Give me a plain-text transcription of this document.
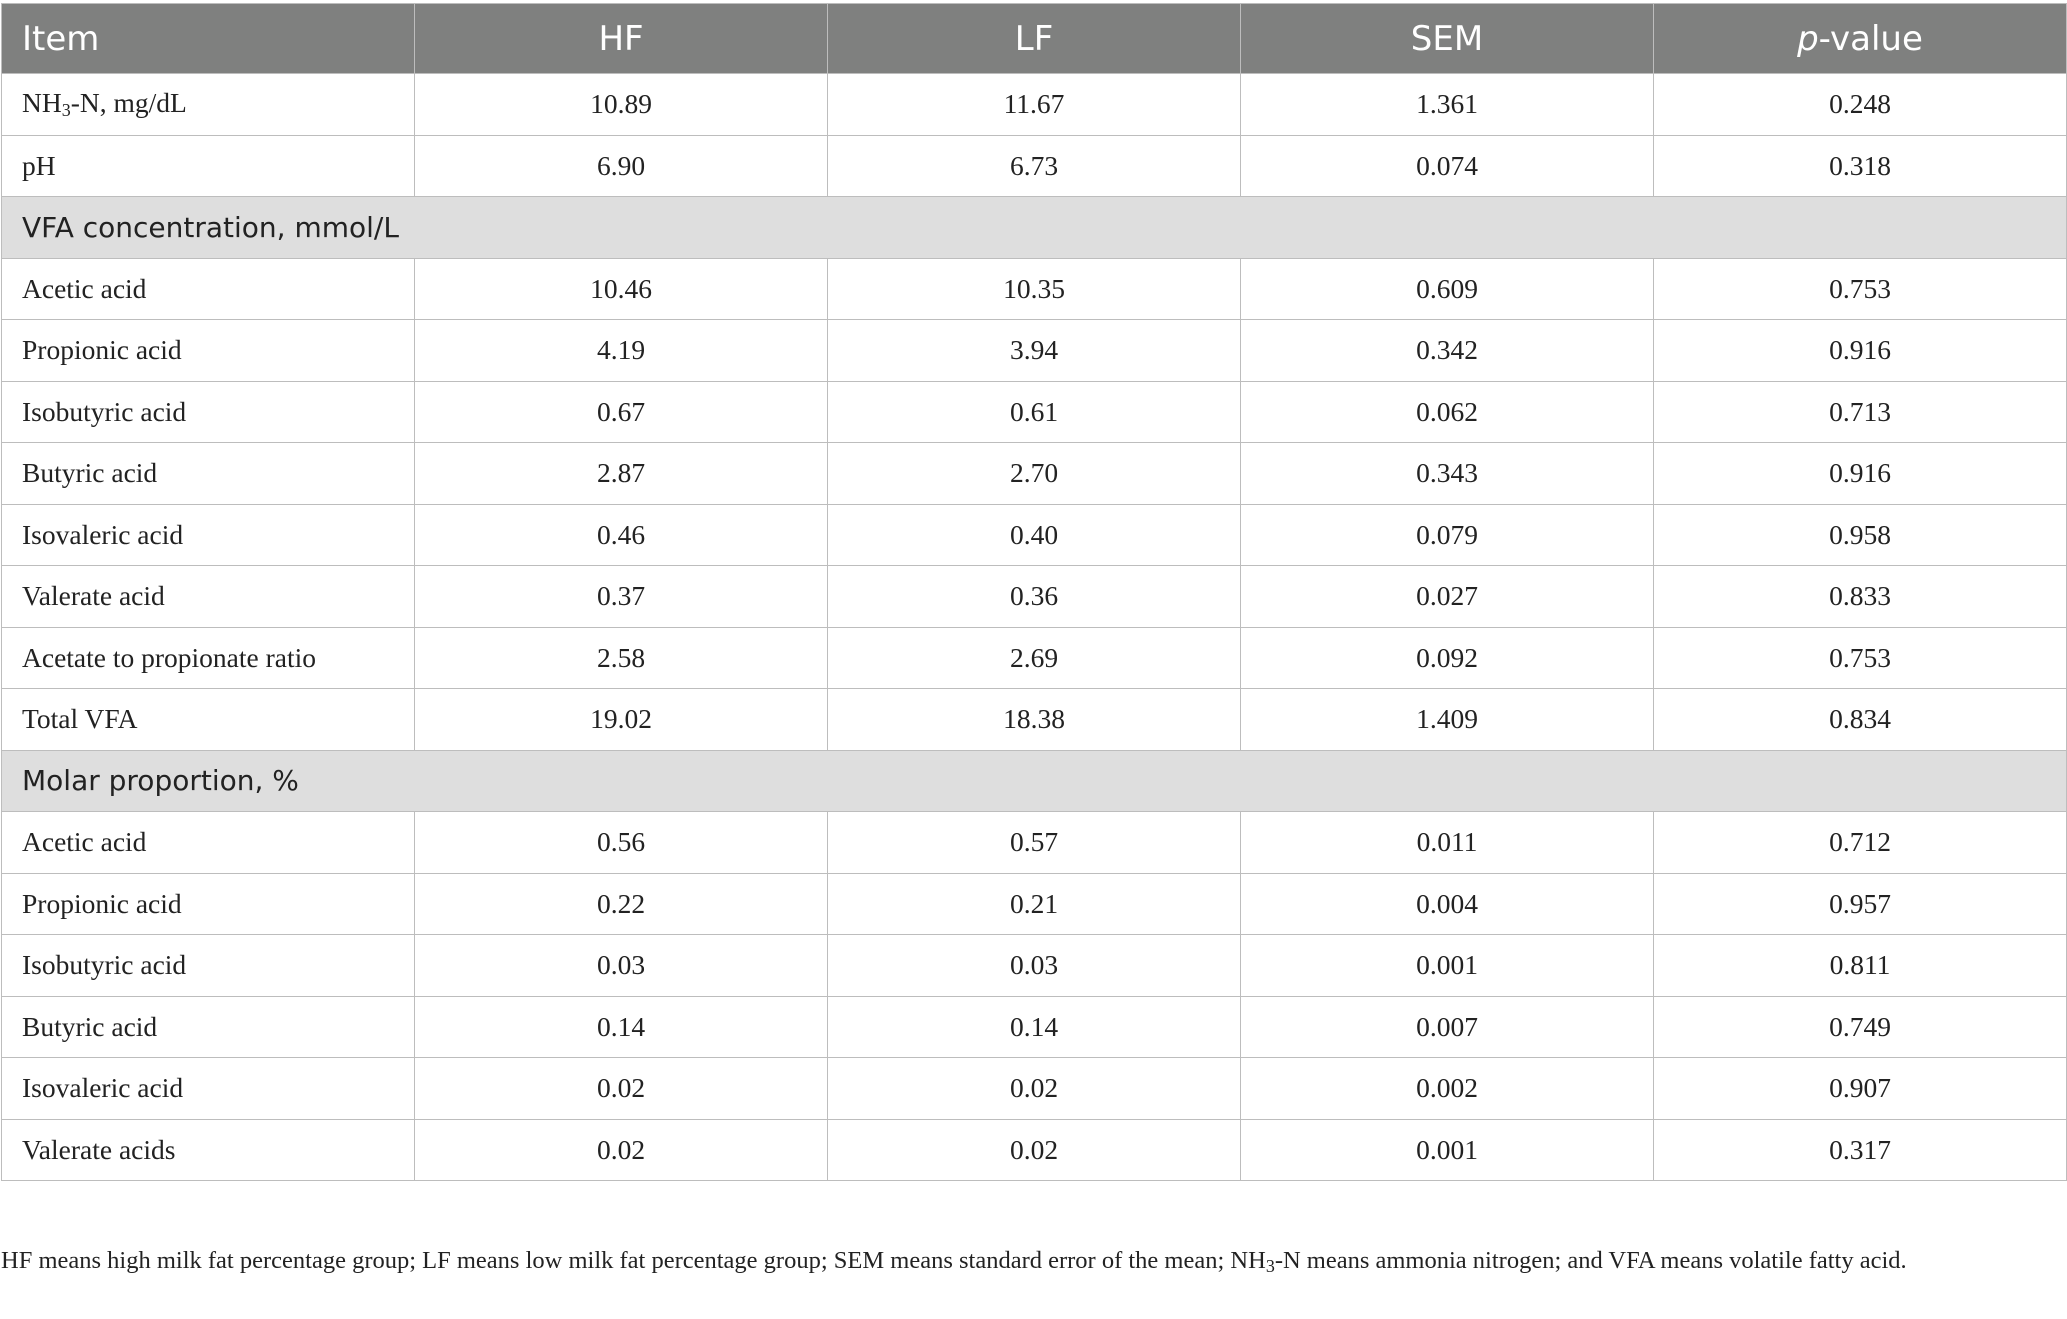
Item	HF	LF	SEM	p-value
$NH_3-N$, mg/dL	10.89	11.67	1.361	0.248
pH	6.90	6.73	0.074	0.318
VFA concentration, mmol/L				
Acetic acid	10.46	10.35	0.609	0.753
Propionic acid	4.19	3.94	0.342	0.916
Isobutyric acid	0.67	0.61	0.062	0.713
Butyric acid	2.87	2.70	0.343	0.916
Isovaleric acid	0.46	0.40	0.079	0.958
Valerate acid	0.37	0.36	0.027	0.833
Acetate to propionate ratio	2.58	2.69	0.092	0.753
Total VFA	19.02	18.38	1.409	0.834
Molar proportion, %				
Acetic acid	0.56	0.57	0.011	0.712
Propionic acid	0.22	0.21	0.004	0.957
Isobutyric acid	0.03	0.03	0.001	0.811
Butyric acid	0.14	0.14	0.007	0.749
Isovaleric acid	0.02	0.02	0.002	0.907
Valerate acids	0.02	0.02	0.001	0.317

HF means high milk fat percentage group; LF means low milk fat percentage group; SEM means standard error of the mean; $NH_3-N$ means ammonia nitrogen; and VFA means volatile fatty acid.
